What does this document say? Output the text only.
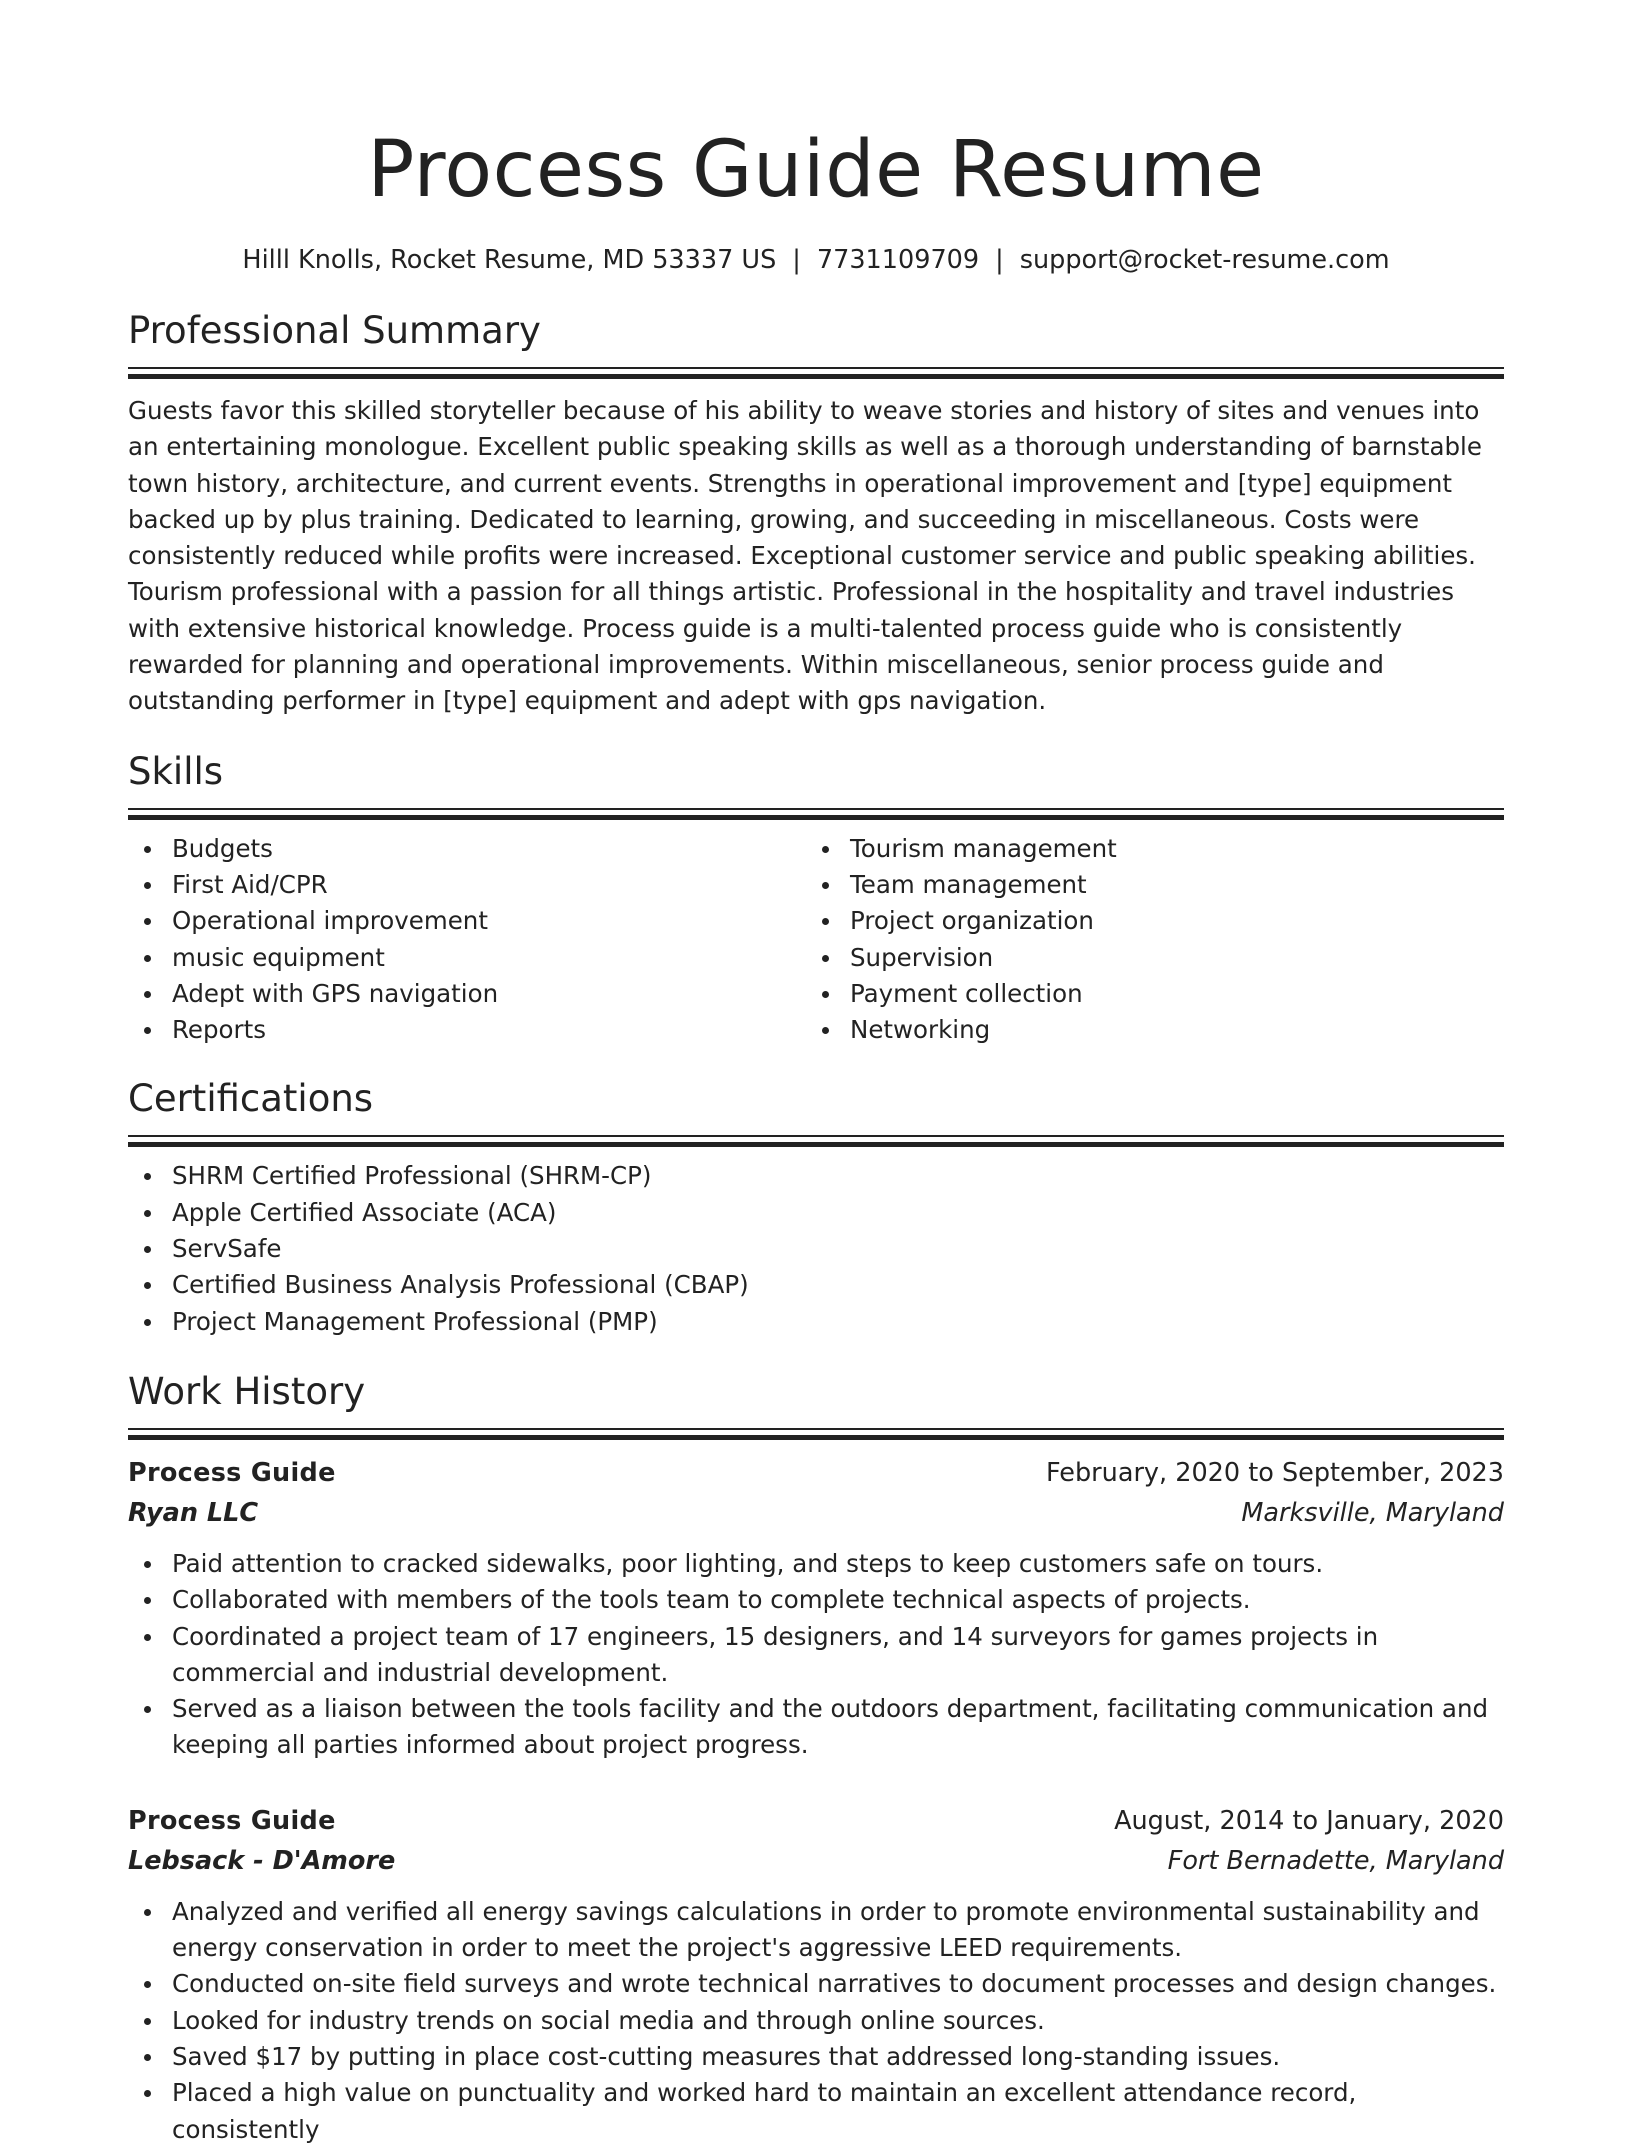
Process Guide Resume
Hilll Knolls, Rocket Resume, MD 53337 US | 7731109709 | support@rocket-resume.com
Professional Summary

Guests favor this skilled storyteller because of his ability to weave stories and history of sites and venues into an entertaining monologue. Excellent public speaking skills as well as a thorough understanding of barnstable town history, architecture, and current events. Strengths in operational improvement and [type] equipment backed up by plus training. Dedicated to learning, growing, and succeeding in miscellaneous. Costs were consistently reduced while profits were increased. Exceptional customer service and public speaking abilities. Tourism professional with a passion for all things artistic. Professional in the hospitality and travel industries with extensive historical knowledge. Process guide is a multi-talented process guide who is consistently rewarded for planning and operational improvements. Within miscellaneous, senior process guide and outstanding performer in [type] equipment and adept with gps navigation.

Skills
Budgets
First Aid/CPR
Operational improvement
music equipment
Adept with GPS navigation
Reports
Tourism management
Team management
Project organization
Supervision
Payment collection
Networking
Certifications
SHRM Certified Professional (SHRM-CP)
Apple Certified Associate (ACA)
ServSafe
Certified Business Analysis Professional (CBAP)
Project Management Professional (PMP)
Work History
Process Guide	February, 2020 to September, 2023
Ryan LLC	Marksville, Maryland
Paid attention to cracked sidewalks, poor lighting, and steps to keep customers safe on tours.
Collaborated with members of the tools team to complete technical aspects of projects.
Coordinated a project team of 17 engineers, 15 designers, and 14 surveyors for games projects in commercial and industrial development.
Served as a liaison between the tools facility and the outdoors department, facilitating communication and keeping all parties informed about project progress.
Process Guide	August, 2014 to January, 2020
Lebsack - D'Amore	Fort Bernadette, Maryland
Analyzed and verified all energy savings calculations in order to promote environmental sustainability and energy conservation in order to meet the project's aggressive LEED requirements.
Conducted on-site field surveys and wrote technical narratives to document processes and design changes.
Looked for industry trends on social media and through online sources.
Saved $17 by putting in place cost-cutting measures that addressed long-standing issues.
Placed a high value on punctuality and worked hard to maintain an excellent attendance record, consistently
